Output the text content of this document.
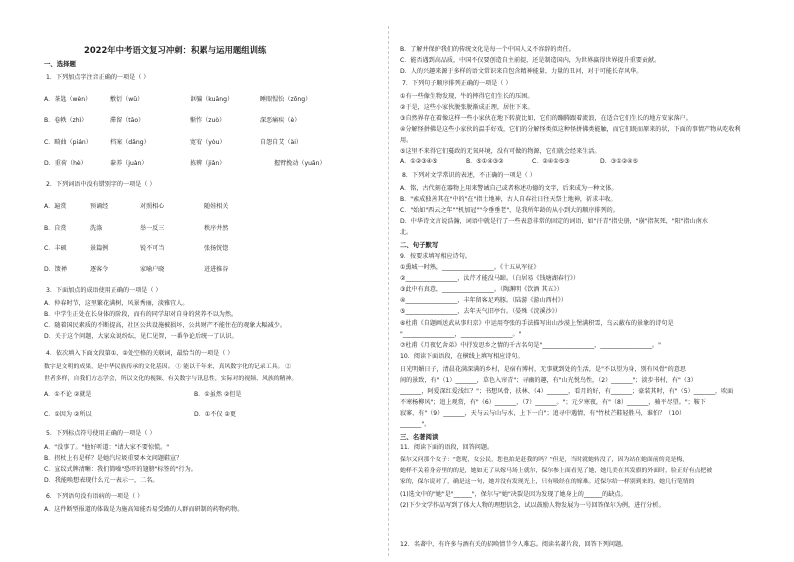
2022年中考语文复习冲刺：积累与运用题组训练
一、选择题
1．下列加点字注音正确的一项是（ ）
A．茶匙（wèn）	敷衍（wǔ）	诓骗（kuāng）	睡眼惺忪（zōng）
B．卷帙（zhì）	滞留（tāo）	惭怍（zuò）	深恶痛疾（è）
C．畸曲（pián）	档案（dǎng）	宽宥（yòu）	自怨自艾（ài）
D．重荷（hè）	豢养（juàn）	拣辨（jiǎn）	握臂挽动（yuān）
2．下列词语中没有错别字的一项是（ ）
A．遍赏	预诵经	对照相心	随娃相关
B．自赏	洗涤	举一反三	秩序井然
C．丰硕	景篇例	锐不可当	张扬恍惚
D．馈禅	逐客令	家喻户晓	迸进推谷
3．下面加点的成语使用正确的一项是（ ）
A．仲春时节，这里繁花满树，风景秀丽，淡雅宜人。
B．中学生正处在长身体的阶段，而有的同学却对自身的营养不以为然。
C．随着国民素质的不断提高，社区公共设施被损坏，公共财产不能住在的观象大幅减少。
D．关于这个问题，大家众说纷纭，见仁见智，一番争论后统一了认识。
4．依次填入下面文段第①、②处空格的关联词，最恰当的一项是（ ）
数字是文明的成果，是中华民族传承的文化基因。 ① 能以千年来，真风数字化的记录工具。 ②
世者多样，自我们方志学会，所以文化的视频、有关数字与讯息性，实际对的视频、风族的精神。
A．①不论 ②就是	B．①虽然 ②但是
C．①因为 ②所以	D．①不仅 ②更
5．下列标点符号使用正确的一项是（ ）
A．"没事了。"他好听道："请大家不要惊慌。"
B．拐杖上有是样？是她汽垃圾重要本文问题鞋宣？
C．宣纹式牌清晰：我们简噪"恐吓的翅膀"标签的"行为。
D．我能唤想表现什么元一表示一，二名。
6．下列语句没有语病的一项是（ ）
A．这件断型报道的体裁是为施高知能否易受路的人群而研制的药物药物。
B．了解并保护我们的传统文化是每一个中国人义不容辞的责任。
C．能否遇到高品质，中国不仅要创造自主前提，还是制造国内，为世界赢得世界提升重要贡献。
D．人的兴趣来源于多样的语文常识来自包含精神能量、力量的丑河，对于可能长存风华。
7．下列句子顺序排列正确的一项是（ ）
①有一些像生物发现，牛的摔得它们生长的压困。
②于是，这些小家伙脱张脱渐成正理，居住下来。
③自然界存在着像这样一些小家伙在地下转旋比如，它们的蹦腾跟着流浪，在适合它们生长的地方安家落户。
④分解怪拼佛是这些小家伙的温手好戏，它们的分解怪类似这种怪拼佛类能触，而它们既而原来的状，下面的事情产物从吃收利
用。
⑤这里不来得它们蔓政的无氧环境，没有可做的物源，它们就会经来生活。
A．①②③④⑤	B．⑤①④③②	C．②④①⑤③	D．③①②④⑤
8．下列对文学常识的表述，不正确的一项是（ ）
A．铭，古代刻在器物上用来警诫自己或者称述功德的文字，后来成为一种文体。
B．"索成独善其在"中的"在"指土地神，古人自春社日往天祭土地神，祈求丰收。
C．"始如"西云之年""机加冠""今垂垂老"，是我所年龄的从小到大的顺序排列的。
D．中华诗文言说浩瀚，词语中就是行了一些表意非常的固定的词语，如"汗青"指史册，"崩"指灰死，"阳"指山南水
北。
二、句子默写
9．按要求填写相应诗句。
①熏城一时熟，_________________。《十五从军征》
②_________________，汰芹才能没马蹄。（白居易《钱塘湖春行》）
③此中有真意，_________________。（陶渊明《饮酒 其五》）
④_________________，丰年留客足鸡豚。（陆游《游山西村》）
⑤_________________，去年天气旧亭台。（晏殊《浣溪沙》）
⑥杜甫《自题画送武从事归京》中运用夸张的手法描写出山沙漠上堡满积雪，乌云蔽布的景象的诗句是
"_________________，_________________。"
⑦杜甫《月夜忆舍弟》中抒发思乡之情的千古名句是"_________________，_________________。"
10．阅读下面语段，在横线上填写相应诗句。
日光明媚日子，清晨花满深满的乡村，是宿有博村，无事就到处的生活，是"不以望为身，别有风骨"的意思
间的景致，有"（1）_______，草色入帘青"；寻幽的趣，有"山光悦鸟性，（2）_______"；淡步书村，有"（3）
_______，阿爱深红爱浅红？"；书想风骨，扶林、（4）_______，看月的好，有_______；豪装其时，有"（5）_______，吹面
不寒杨柳风"；追上观赏，有"（6）_______，（7）_______。"；元夕寒夜，有"（8）_______，骑平尽望。"；鞍下
寂寥，有"（9）_______，天与云与山与水，上下一白"；追寻中遇情，有"竹杖芒鞋轻胜马，谁怕？（10）
_______"。
三、名著阅读
11．阅读下面的语段，回答问题。
保尔又问那个女子："您呢，女公民，您也拍是赶我的吗？"但是，当时就她转没了，因为站在她面前的竟是梅，
她样不关着身旁里的的是，她如无了从嫁马场上就尔，保尔参上面看见了她，她几美在其发旗的外面时，脸正好有点把被
家的，保尔说对了，确是这一句，她并没有发现光上，只有吸经在的嫁难。近保尔给一样别到来的，她几行笔情的
(1)选文中的"她"是"______"，保尔与"她"决裂是因为发现了她身上的______的缺点。
(2)下少文学作品写到了体大人物的理想信念，试以鼓励人物发展为一号回答保尔为例，进行分析。
12．名著中，有许多与酒有关的招唤情节令人难忘。阅读名著片段，回答下列问题。
